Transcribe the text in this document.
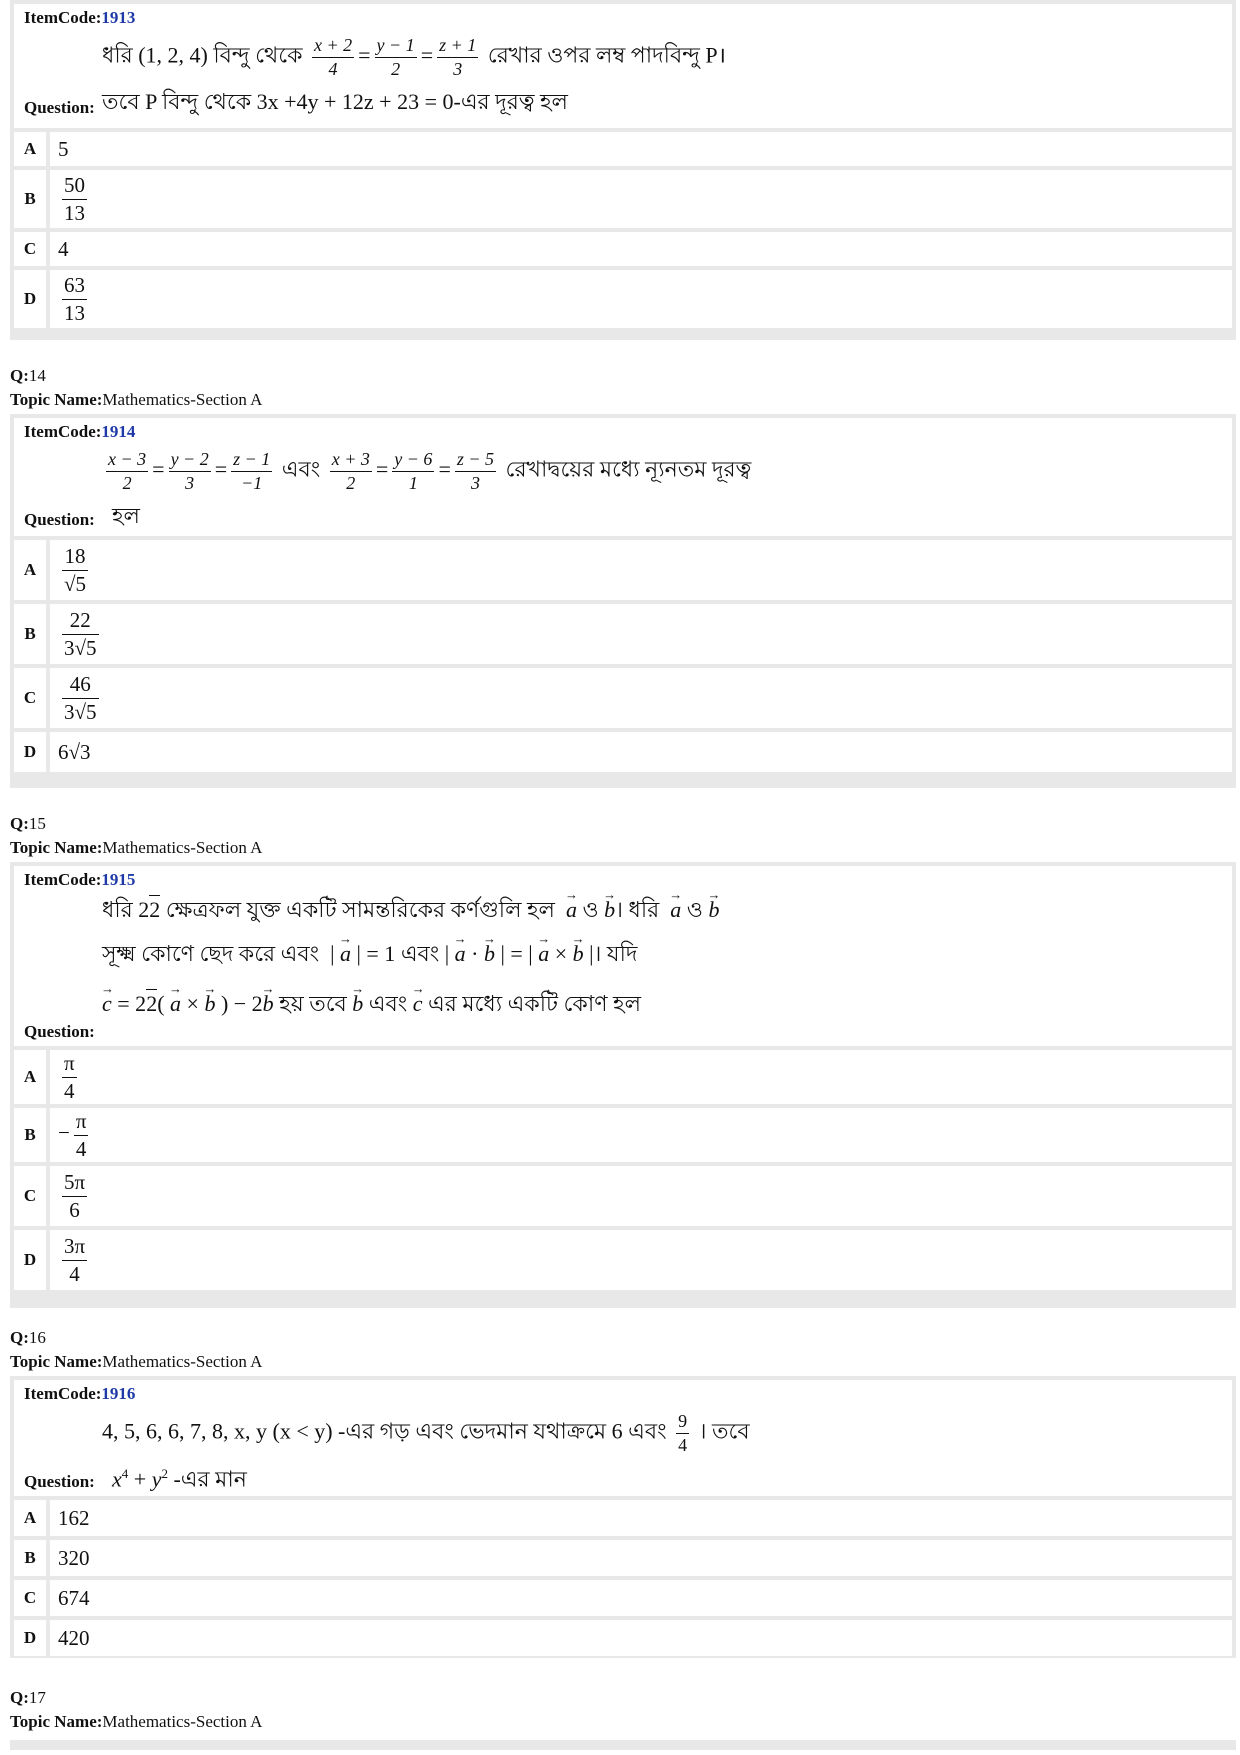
ItemCode:1913
ধরি (1, 2, 4) বিন্দু থেকে $\frac{x + 2}{4} = \frac{y - 1}{2} = \frac{z + 1}{3}$ রেখার ওপর লম্ব পাদবিন্দু P।
Question: তবে P বিন্দু থেকে 3x +4y + 12z + 23 = 0-এর দূরত্ব হল
A	5
B	$\frac{50}{13}$
C	4
D	$\frac{63}{13}$
Q:14
Topic Name:Mathematics-Section A
ItemCode:1914
$\frac{x - 3}{2} = \frac{y - 2}{3} = \frac{z - 1}{-1}$ এবং $\frac{x + 3}{2} = \frac{y - 6}{1} = \frac{z - 5}{3}$ রেখাদ্বয়ের মধ্যে ন্যূনতম দূরত্ব
Question: হল
A	$\frac{18}{√5}$
B	$\frac{22}{3√5}$
C	$\frac{46}{3√5}$
D	6√3
Q:15
Topic Name:Mathematics-Section A
ItemCode:1915
ধরি 22 ক্ষেত্রফল যুক্ত একটি সামন্তরিকের কর্ণগুলি হল → a ও → b। ধরি → a ও → b
সূক্ষ্ম কোণে ছেদ করে এবং  | → a | = 1 এবং | → a · → b | = | → a × → b |। যদি
→ c = 22( → a × → b ) − 2→ b হয় তবে → b এবং → c এর মধ্যে একটি কোণ হল
Question:
A	$\frac{\pi}{4}$
B	− $\frac{\pi}{4}$
C	$\frac{5\pi}{6}$
D	$\frac{3\pi}{4}$
Q:16
Topic Name:Mathematics-Section A
ItemCode:1916
4, 5, 6, 6, 7, 8, x, y (x < y) -এর গড় এবং ভেদমান যথাক্রমে 6 এবং $\frac{9}{4}$ । তবে
Question: $x^4 + y^2$ -এর মান
A	162
B	320
C	674
D	420
Q:17
Topic Name:Mathematics-Section A
